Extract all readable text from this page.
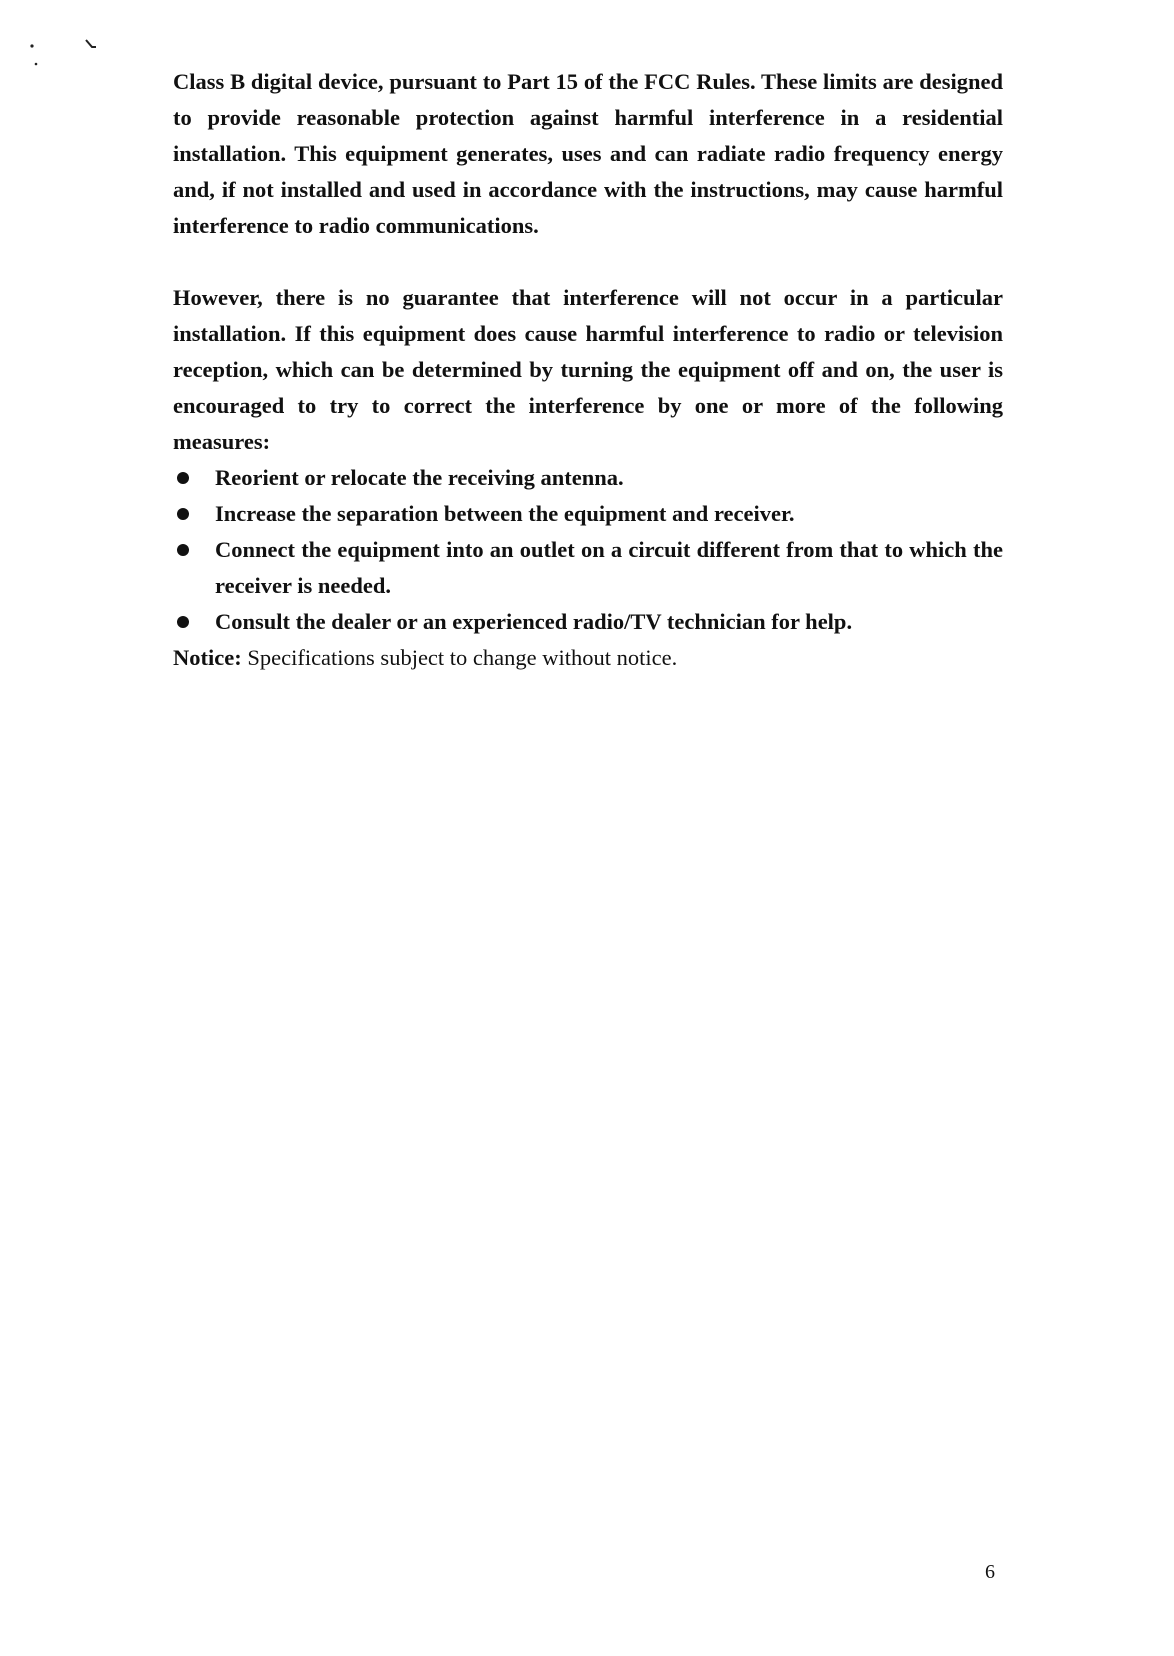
Class B digital device, pursuant to Part 15 of the FCC Rules. These limits are designed to provide reasonable protection against harmful interference in a residential installation. This equipment generates, uses and can radiate radio frequency energy and, if not installed and used in accordance with the instructions, may cause harmful interference to radio communications.

However, there is no guarantee that interference will not occur in a particular installation. If this equipment does cause harmful interference to radio or television reception, which can be determined by turning the equipment off and on, the user is encouraged to try to correct the interference by one or more of the following measures:

Reorient or relocate the receiving antenna.
Increase the separation between the equipment and receiver.
Connect the equipment into an outlet on a circuit different from that to which the receiver is needed.
Consult the dealer or an experienced radio/TV technician for help.

Notice: Specifications subject to change without notice.

6
